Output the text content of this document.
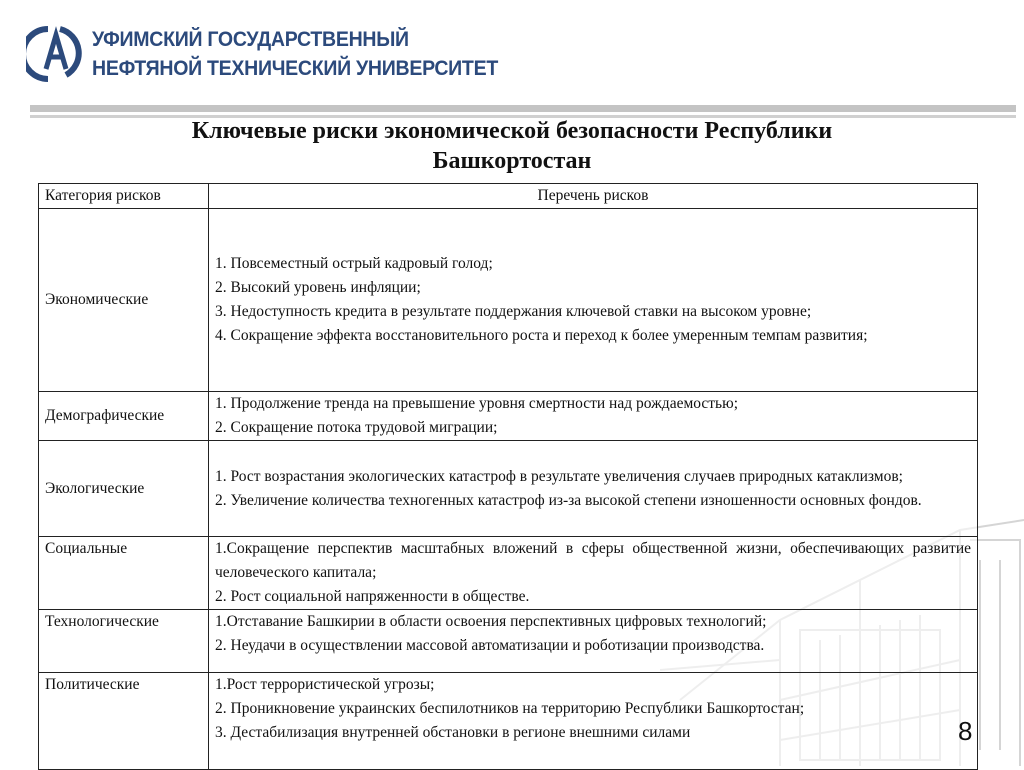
УФИМСКИЙ ГОСУДАРСТВЕННЫЙ
НЕФТЯНОЙ ТЕХНИЧЕСКИЙ УНИВЕРСИТЕТ
Ключевые риски экономической безопасности Республики
Башкортостан
Категория рисков	Перечень рисков
Экономические	1. Повсеместный острый кадровый голод;
2. Высокий уровень инфляции;
3. Недоступность кредита в результате поддержания ключевой ставки на высоком уровне;
4. Сокращение эффекта восстановительного роста и переход к более умеренным темпам развития;

Демографические	1. Продолжение тренда на превышение уровня смертности над рождаемостью;
2. Сокращение потока трудовой миграции;

Экологические	1. Рост возрастания экологических катастроф в результате увеличения случаев природных катаклизмов;
2. Увеличение количества техногенных катастроф из-за высокой степени изношенности основных фондов.

Социальные	1.Сокращение перспектив масштабных вложений в сферы общественной жизни, обеспечивающих развитие человеческого капитала;
2. Рост социальной напряженности в обществе.

Технологические	1.Отставание Башкирии в области освоения перспективных цифровых технологий;
2. Неудачи в осуществлении массовой автоматизации и роботизации производства.

Политические	1.Рост террористической угрозы;
2. Проникновение украинских беспилотников на территорию Республики Башкортостан;
3. Дестабилизация внутренней обстановки в регионе внешними силами	8
